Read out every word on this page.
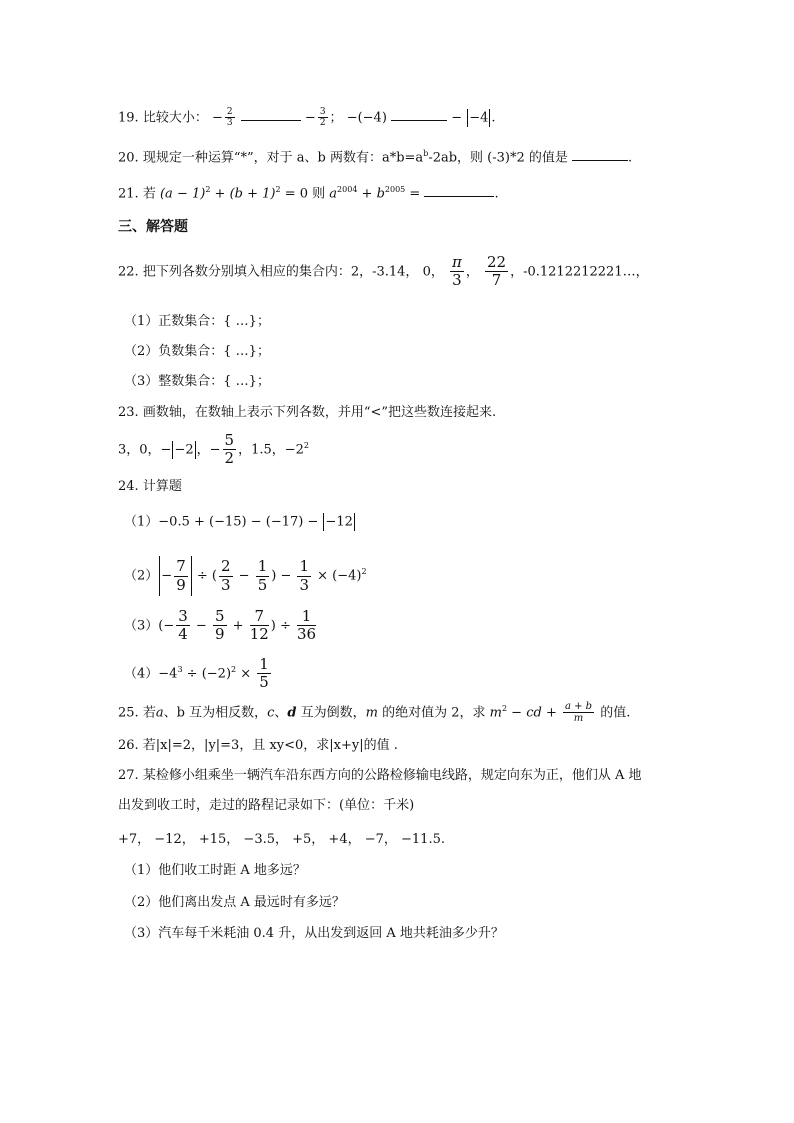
19. 比较大小： − $\frac{2}{3}$	− $\frac{3}{2}$ ； −(−4)	− −4 .
20. 现规定一种运算“*”，对于 a、b 两数有：$a*b=a^b-2ab$，则 (-3)*2 的值是	.
21. 若 $(a - 1)^2 + (b + 1)^2 = 0$ 则 $a^{2004} + b^{2005}$ =	.
三、解答题
22. 把下列各数分别填入相应的集合内：2，-3.14， 0， $\frac{\pi}{3}$ ， $\frac{22}{7}$ ，-0.1212212221…，
（1）正数集合：{ …}；
（2）负数集合：{ …}；
（3）整数集合：{ …}；
23. 画数轴，在数轴上表示下列各数，并用“<”把这些数连接起来.
3，0，− −2 ，− $\frac{5}{2}$ ，1.5，$-2^2$
24. 计算题
（1）−0.5 + (−15) − (−17) − −12
$(2) - \frac{7}{9}$ ÷ ( $\frac{2}{3} - \frac{1}{5}$ ) − $\frac{1}{3} \times (-4)^2$
$(3)(- \frac{3}{4} - \frac{5}{9} + \frac{7}{12}$ ) ÷ $\frac{1}{36}$
$(4)-4^3 \div (-2)^2 \times \frac{1}{5}$
25. 若a、b 互为相反数，c、d 互为倒数，m 的绝对值为 2，求 $m^2$ − cd + $\frac{a + b}{m}$ 的值.
26. 若|x|=2，|y|=3，且 xy<0，求|x+y|的值 .
27. 某检修小组乘坐一辆汽车沿东西方向的公路检修输电线路，规定向东为正，他们从 A 地
出发到收工时，走过的路程记录如下：(单位：千米)
+7， −12， +15， −3.5， +5， +4， −7， −11.5.
（1）他们收工时距 A 地多远？
（2）他们离出发点 A 最远时有多远？
（3）汽车每千米耗油 0.4 升，从出发到返回 A 地共耗油多少升？
